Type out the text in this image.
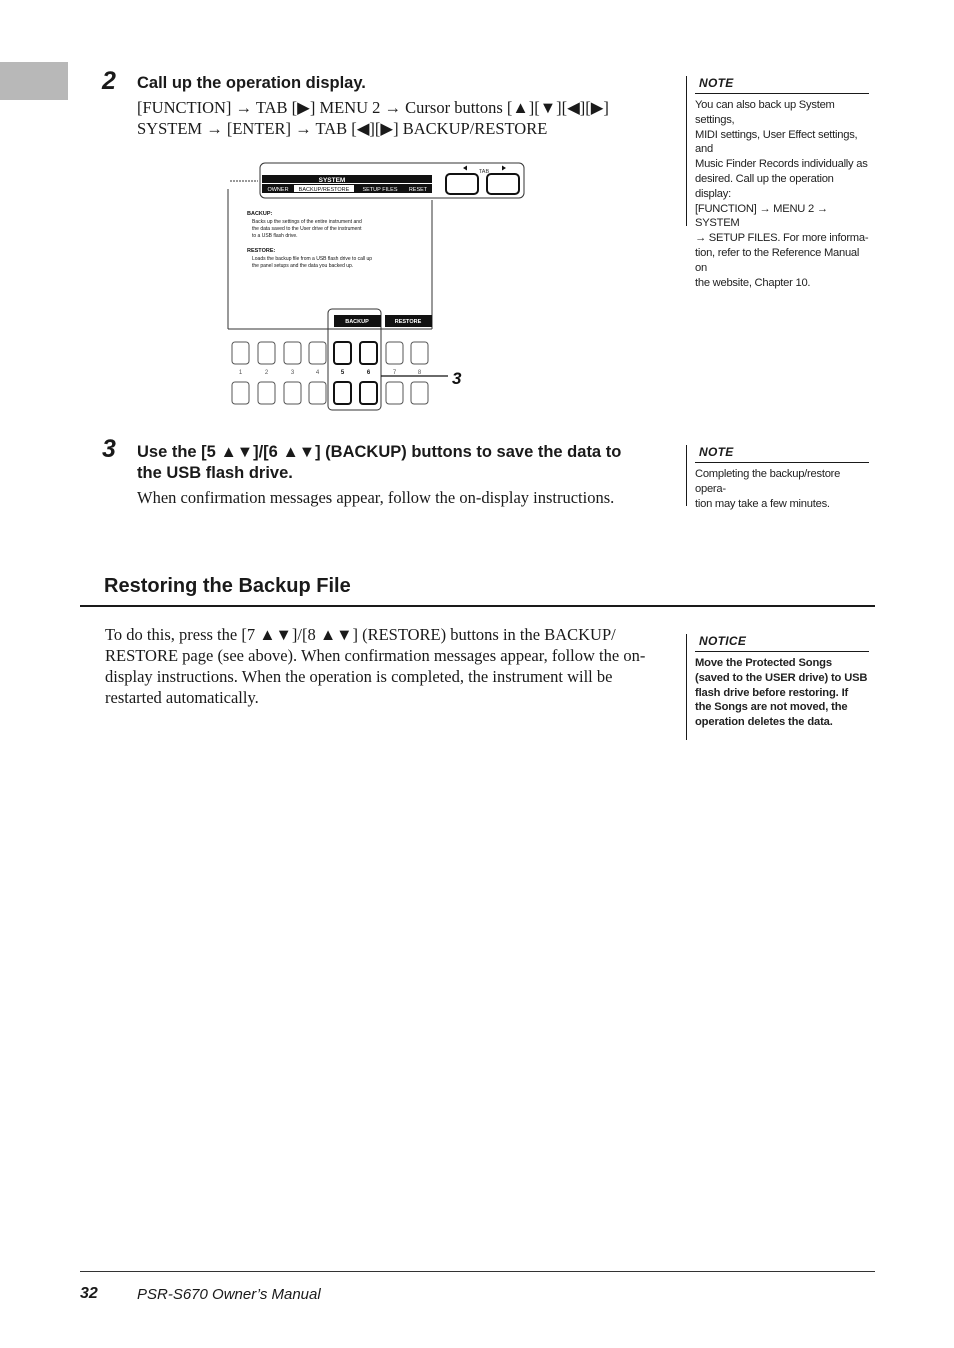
2 Call up the operation display.
[FUNCTION] → TAB [▶] MENU 2 → Cursor buttons [▲][▼][◀][▶]
SYSTEM → [ENTER] → TAB [◀][▶] BACKUP/RESTORE
SYSTEM
OWNER BACKUP/RESTORE SETUP FILES RESET
BACKUP:
Backs up the settings of the entire instrument and
the data saved to the User drive of the instrument
to a USB flash drive.
RESTORE:
Loads the backup file from a USB flash drive to call up
the panel setups and the data you backed up.
TAB
BACKUP	RESTORE
1	2	3	4	5	6	7	8 3
NOTE
You can also back up System settings,
MIDI settings, User Effect settings, and
Music Finder Records individually as
desired. Call up the operation display:
[FUNCTION] → MENU 2 → SYSTEM
→ SETUP FILES. For more informa-
tion, refer to the Reference Manual on
the website, Chapter 10.
3 Use the [5 ▲▼]/[6 ▲▼] (BACKUP) buttons to save the data to
the USB flash drive.
When confirmation messages appear, follow the on-display instructions.
NOTE
Completing the backup/restore opera-
tion may take a few minutes.
Restoring the Backup File
To do this, press the [7 ▲▼]/[8 ▲▼] (RESTORE) buttons in the BACKUP/
RESTORE page (see above). When confirmation messages appear, follow the on-
display instructions. When the operation is completed, the instrument will be
restarted automatically.
NOTICE
Move the Protected Songs
(saved to the USER drive) to USB
flash drive before restoring. If
the Songs are not moved, the
operation deletes the data.
32	PSR-S670 Owner’s Manual
